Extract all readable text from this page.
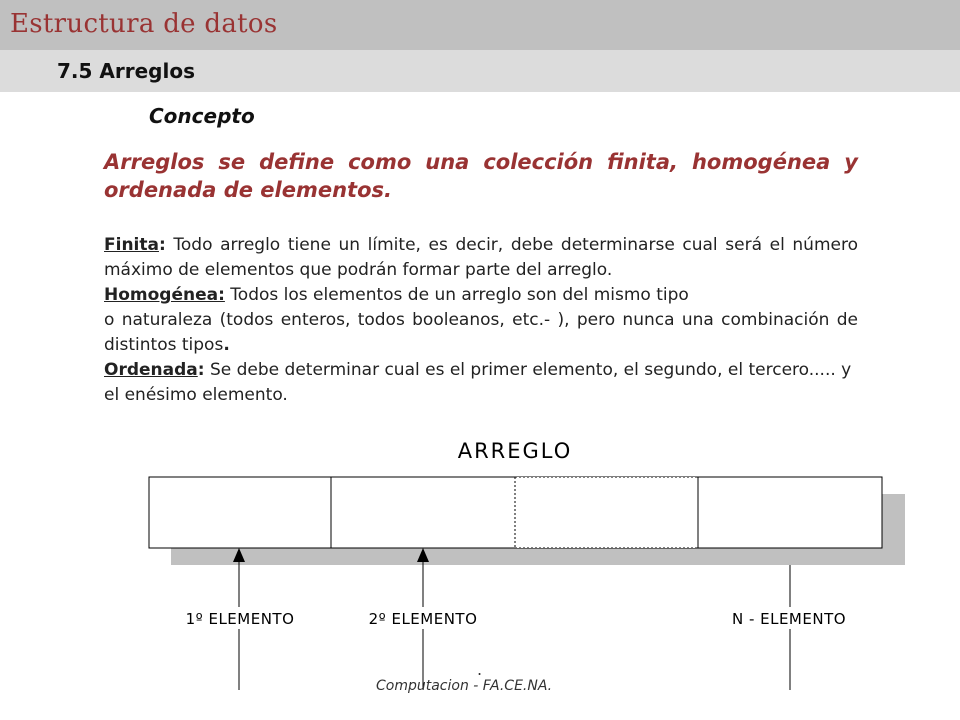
Estructura de datos
7.5 Arreglos
Concepto
Arreglos se define como una colección finita, homogénea y ordenada de elementos.
Finita: Todo arreglo tiene un límite, es decir, debe determinarse cual será el número máximo de elementos que podrán formar parte del arreglo.
Homogénea: Todos los elementos de un arreglo son del mismo tipo
o naturaleza (todos enteros, todos booleanos, etc.- ), pero nunca una combinación de distintos tipos.
Ordenada: Se debe determinar cual es el primer elemento, el segundo, el tercero..... y el enésimo elemento.
ARREGLO
1º ELEMENTO	2º ELEMENTO	N - ELEMENTO
.
Computacion - FA.CE.NA.
